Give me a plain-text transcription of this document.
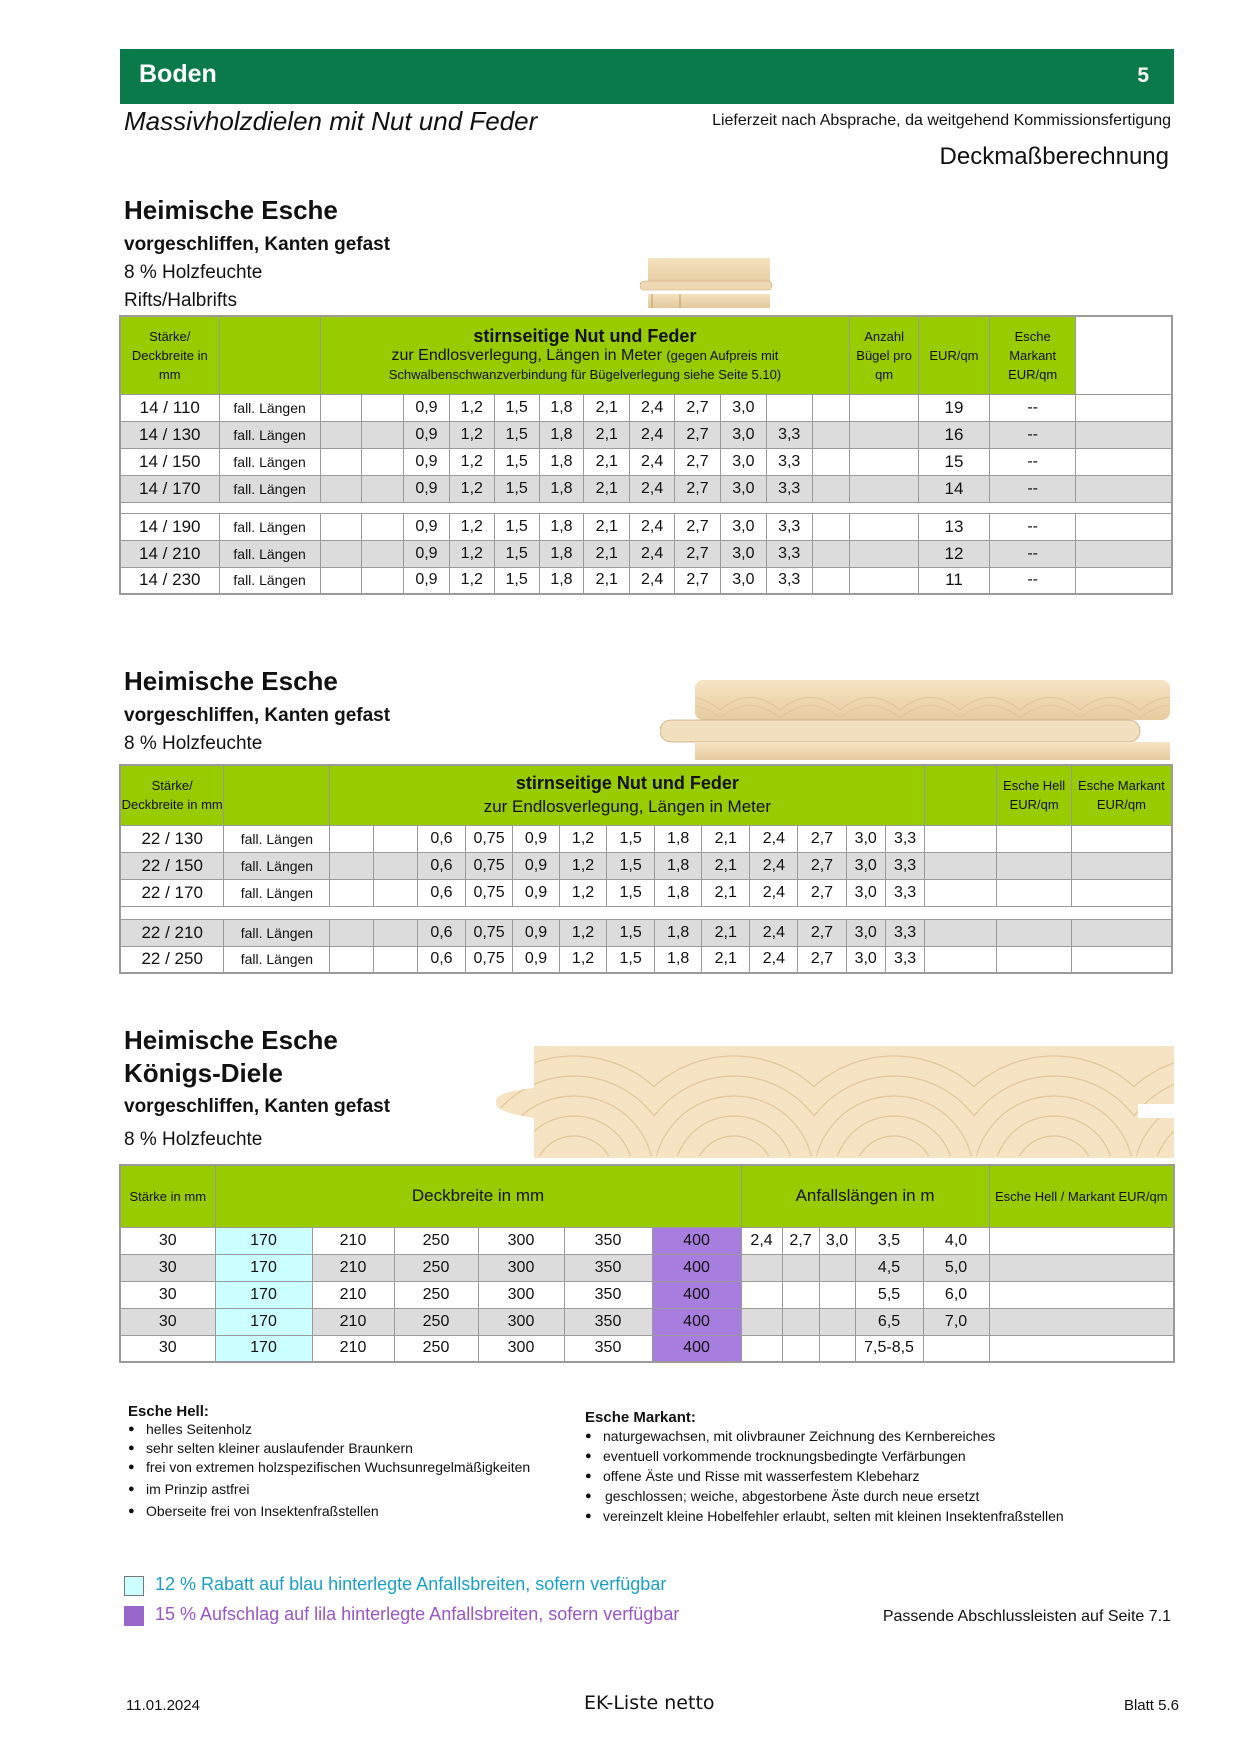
Boden	5
Massivholzdielen mit Nut und Feder	Lieferzeit nach Absprache, da weitgehend Kommissionsfertigung
Deckmaßberechnung
Heimische Esche
vorgeschliffen, Kanten gefast
8 % Holzfeuchte
Rifts/Halbrifts
Stärke/ Deckbreite in mm		stirnseitige Nut und Feder
zur Endlosverlegung, Längen in Meter (gegen Aufpreis mit
Schwalbenschwanzverbindung für Bügelverlegung siehe Seite 5.10)												Anzahl Bügel pro qm	EUR/qm	Esche Markant EUR/qm	
14 / 110	fall. Längen			0,9	1,2	1,5	1,8	2,1	2,4	2,7	3,0				19	--	
14 / 130	fall. Längen			0,9	1,2	1,5	1,8	2,1	2,4	2,7	3,0	3,3			16	--	
14 / 150	fall. Längen			0,9	1,2	1,5	1,8	2,1	2,4	2,7	3,0	3,3			15	--	
14 / 170	fall. Längen			0,9	1,2	1,5	1,8	2,1	2,4	2,7	3,0	3,3			14	--	

14 / 190	fall. Längen			0,9	1,2	1,5	1,8	2,1	2,4	2,7	3,0	3,3			13	--	
14 / 210	fall. Längen			0,9	1,2	1,5	1,8	2,1	2,4	2,7	3,0	3,3			12	--	
14 / 230	fall. Längen			0,9	1,2	1,5	1,8	2,1	2,4	2,7	3,0	3,3			11	--	
Heimische Esche
vorgeschliffen, Kanten gefast
8 % Holzfeuchte
Stärke/ Deckbreite in mm		stirnseitige Nut und Feder
zur Endlosverlegung, Längen in Meter														Esche Hell EUR/qm	Esche Markant EUR/qm
22 / 130	fall. Längen			0,6	0,75	0,9	1,2	1,5	1,8	2,1	2,4	2,7	3,0	3,3			
22 / 150	fall. Längen			0,6	0,75	0,9	1,2	1,5	1,8	2,1	2,4	2,7	3,0	3,3			
22 / 170	fall. Längen			0,6	0,75	0,9	1,2	1,5	1,8	2,1	2,4	2,7	3,0	3,3			

22 / 210	fall. Längen			0,6	0,75	0,9	1,2	1,5	1,8	2,1	2,4	2,7	3,0	3,3			
22 / 250	fall. Längen			0,6	0,75	0,9	1,2	1,5	1,8	2,1	2,4	2,7	3,0	3,3			
Heimische Esche
Königs-Diele
vorgeschliffen, Kanten gefast
8 % Holzfeuchte
Stärke in mm	Deckbreite in mm						Anfallslängen in m					Esche Hell / Markant EUR/qm
30	170	210	250	300	350	400	2,4	2,7	3,0	3,5	4,0	
30	170	210	250	300	350	400				4,5	5,0	
30	170	210	250	300	350	400				5,5	6,0	
30	170	210	250	300	350	400				6,5	7,0	
30	170	210	250	300	350	400				7,5-8,5		
Esche Hell:
● helles Seitenholz
● sehr selten kleiner auslaufender Braunkern
● frei von extremen holzspezifischen Wuchsunregelmäßigkeiten
● im Prinzip astfrei
● Oberseite frei von Insektenfraßstellen
Esche Markant:
● naturgewachsen, mit olivbrauner Zeichnung des Kernbereiches
● eventuell vorkommende trocknungsbedingte Verfärbungen
● offene Äste und Risse mit wasserfestem Klebeharz
● geschlossen; weiche, abgestorbene Äste durch neue ersetzt
● vereinzelt kleine Hobelfehler erlaubt, selten mit kleinen Insektenfraßstellen
12 % Rabatt auf blau hinterlegte Anfallsbreiten, sofern verfügbar
15 % Aufschlag auf lila hinterlegte Anfallsbreiten, sofern verfügbar	Passende Abschlussleisten auf Seite 7.1
11.01.2024	EK-Liste netto	Blatt 5.6
